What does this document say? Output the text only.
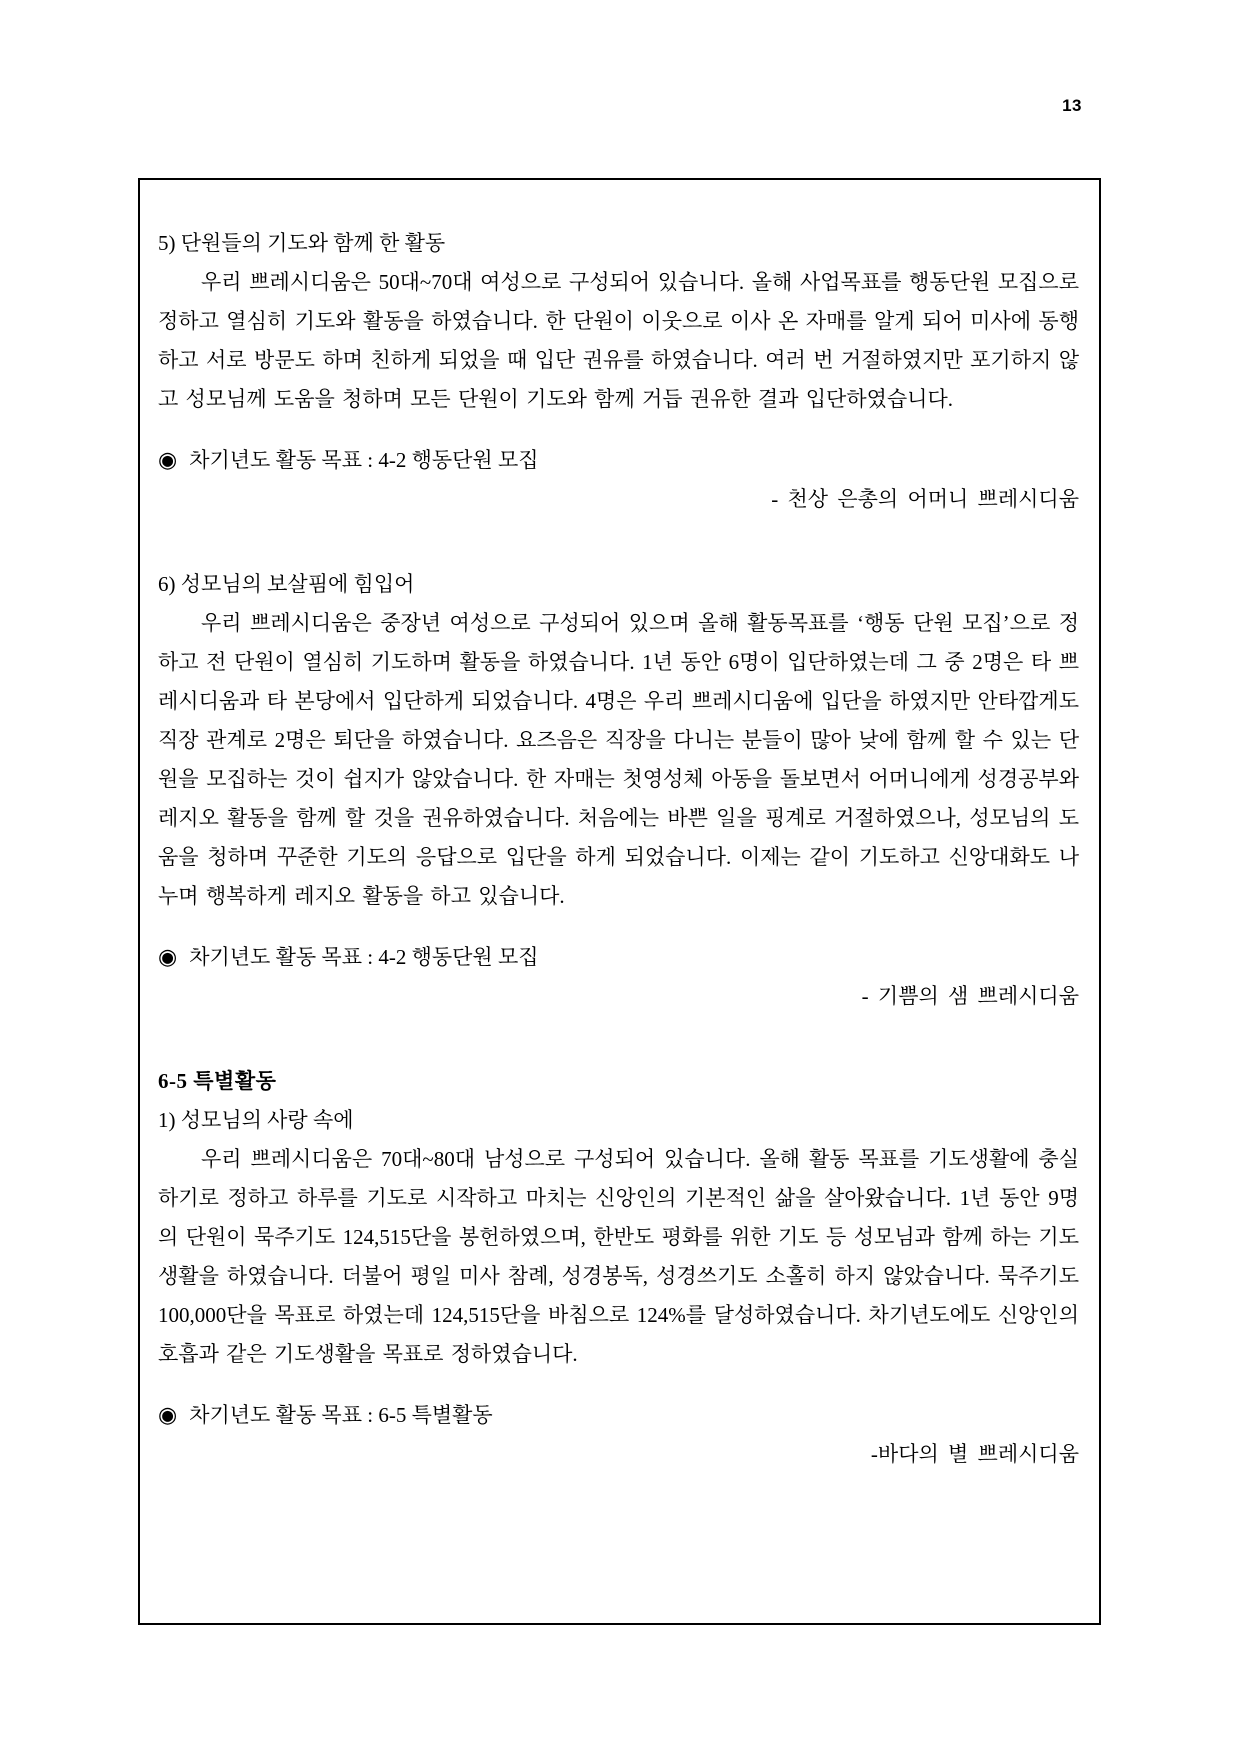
13
5) 단원들의 기도와 함께 한 활동

우리 쁘레시디움은 50대~70대 여성으로 구성되어 있습니다. 올해 사업목표를 행동단원 모집으로 정하고 열심히 기도와 활동을 하였습니다. 한 단원이 이웃으로 이사 온 자매를 알게 되어 미사에 동행하고 서로 방문도 하며 친하게 되었을 때 입단 권유를 하였습니다. 여러 번 거절하였지만 포기하지 않고 성모님께 도움을 청하며 모든 단원이 기도와 함께 거듭 권유한 결과 입단하였습니다.

◉ 차기년도 활동 목표 : 4-2 행동단원 모집
- 천상 은총의 어머니 쁘레시디움
6) 성모님의 보살핌에 힘입어

우리 쁘레시디움은 중장년 여성으로 구성되어 있으며 올해 활동목표를 ‘행동 단원 모집’으로 정하고 전 단원이 열심히 기도하며 활동을 하였습니다. 1년 동안 6명이 입단하였는데 그 중 2명은 타 쁘레시디움과 타 본당에서 입단하게 되었습니다. 4명은 우리 쁘레시디움에 입단을 하였지만 안타깝게도 직장 관계로 2명은 퇴단을 하였습니다. 요즈음은 직장을 다니는 분들이 많아 낮에 함께 할 수 있는 단원을 모집하는 것이 쉽지가 않았습니다. 한 자매는 첫영성체 아동을 돌보면서 어머니에게 성경공부와 레지오 활동을 함께 할 것을 권유하였습니다. 처음에는 바쁜 일을 핑계로 거절하였으나, 성모님의 도움을 청하며 꾸준한 기도의 응답으로 입단을 하게 되었습니다. 이제는 같이 기도하고 신앙대화도 나누며 행복하게 레지오 활동을 하고 있습니다.

◉ 차기년도 활동 목표 : 4-2 행동단원 모집
- 기쁨의 샘 쁘레시디움
6-5 특별활동
1) 성모님의 사랑 속에

우리 쁘레시디움은 70대~80대 남성으로 구성되어 있습니다. 올해 활동 목표를 기도생활에 충실하기로 정하고 하루를 기도로 시작하고 마치는 신앙인의 기본적인 삶을 살아왔습니다. 1년 동안 9명의 단원이 묵주기도 124,515단을 봉헌하였으며, 한반도 평화를 위한 기도 등 성모님과 함께 하는 기도생활을 하였습니다. 더불어 평일 미사 참례, 성경봉독, 성경쓰기도 소홀히 하지 않았습니다. 묵주기도 100,000단을 목표로 하였는데 124,515단을 바침으로 124%를 달성하였습니다. 차기년도에도 신앙인의 호흡과 같은 기도생활을 목표로 정하였습니다.

◉ 차기년도 활동 목표 : 6-5 특별활동
-바다의 별 쁘레시디움
